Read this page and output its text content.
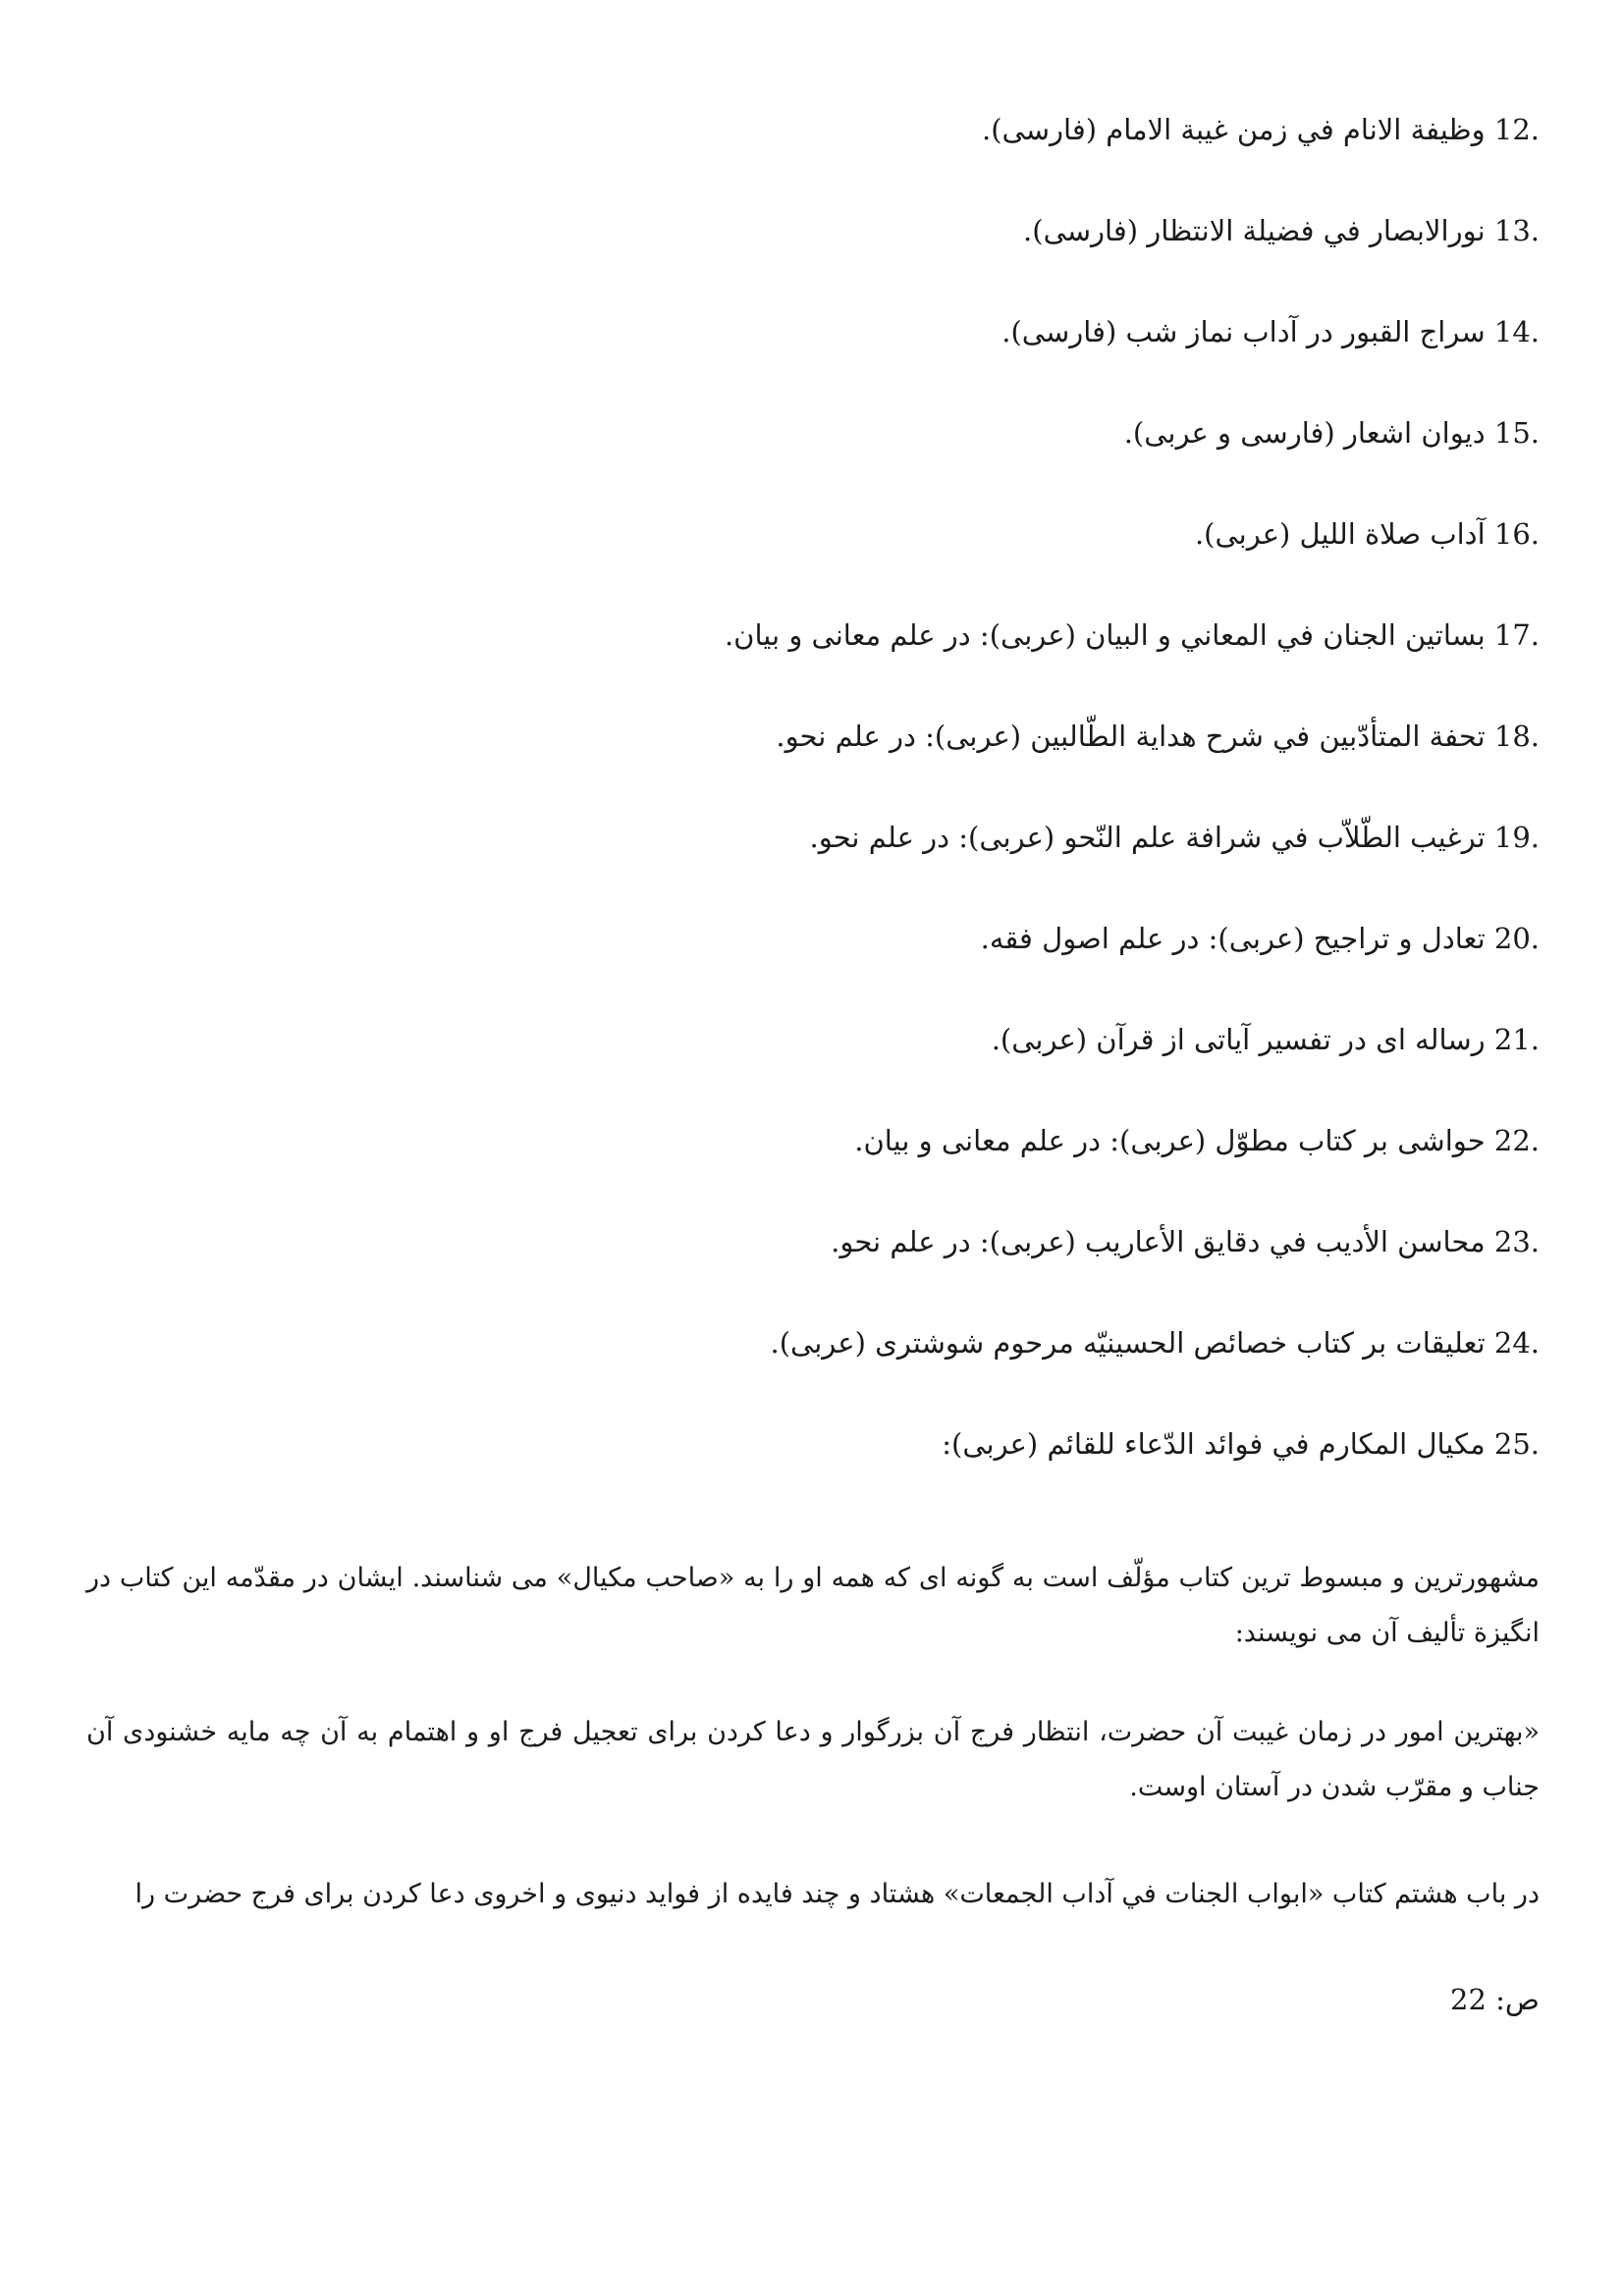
12. وظيفة الانام في زمن غيبة الامام (فارسى).
13. نورالابصار في فضيلة الانتظار (فارسى).
14. سراج القبور در آداب نماز شب (فارسى).
15. ديوان اشعار (فارسى و عربى).
16. آداب صلاة الليل (عربى).
17. بساتين الجنان في المعاني و البيان (عربى): در علم معانى و بيان.
18. تحفة المتأدّبين في شرح هداية الطّالبين (عربى): در علم نحو.
19. ترغيب الطّلاّب في شرافة علم النّحو (عربى): در علم نحو.
20. تعادل و تراجيح (عربى): در علم اصول فقه.
21. رساله اى در تفسير آياتى از قرآن (عربى).
22. حواشى بر كتاب مطوّل (عربى): در علم معانى و بيان.
23. محاسن الأديب في دقايق الأعاريب (عربى): در علم نحو.
24. تعليقات بر كتاب خصائص الحسينيّه مرحوم شوشترى (عربى).
25. مكيال المكارم في فوائد الدّعاء للقائم (عربى):

مشهورترين و مبسوط ترين كتاب مؤلّف است به گونه اى كه همه او را به «صاحب مكيال» مى شناسند. ايشان در مقدّمه اين كتاب در انگيزة تأليف آن مى نويسند:

«بهترين امور در زمان غيبت آن حضرت، انتظار فرج آن بزرگوار و دعا كردن براى تعجيل فرج او و اهتمام به آن چه مايه خشنودى آن جناب و مقرّب شدن در آستان اوست.

در باب هشتم كتاب «ابواب الجنات في آداب الجمعات» هشتاد و چند فايده از فوايد دنيوى و اخروى دعا كردن براى فرج حضرت را

ص: 22
